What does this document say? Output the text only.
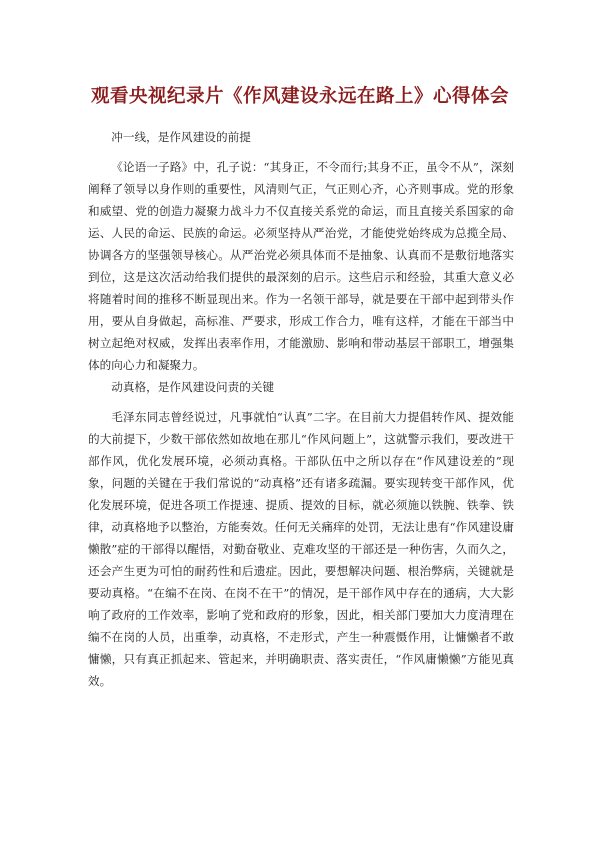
观看央视纪录片《作风建设永远在路上》心得体会

冲一线，是作风建设的前提

《论语一子路》中，孔子说：“其身正，不令而行;其身不正，虽令不从”，深刻阐释了领导以身作则的重要性，风清则气正，气正则心齐，心齐则事成。党的形象和威望、党的创造力凝聚力战斗力不仅直接关系党的命运，而且直接关系国家的命运、人民的命运、民族的命运。必须坚持从严治党，才能使党始终成为总揽全局、协调各方的坚强领导核心。从严治党必须具体而不是抽象、认真而不是敷衍地落实到位，这是这次活动给我们提供的最深刻的启示。这些启示和经验，其重大意义必将随着时间的推移不断显现出来。作为一名领干部导，就是要在干部中起到带头作用，要从自身做起，高标准、严要求，形成工作合力，唯有这样，才能在干部当中树立起绝对权威，发挥出表率作用，才能激励、影响和带动基层干部职工，增强集体的向心力和凝聚力。

动真格，是作风建设问责的关键

毛泽东同志曾经说过，凡事就怕“认真”二字。在目前大力提倡转作风、提效能的大前提下，少数干部依然如故地在那儿“作风问题上”，这就警示我们，要改进干部作风，优化发展环境，必须动真格。干部队伍中之所以存在“作风建设差的”现象，问题的关键在于我们常说的“动真格”还有诸多疏漏。要实现转变干部作风，优化发展环境，促进各项工作提速、提质、提效的目标，就必须施以铁腕、铁拳、铁律，动真格地予以整治，方能奏效。任何无关痛痒的处罚，无法让患有“作风建设庸懒散”症的干部得以醒悟，对勤奋敬业、克难攻坚的干部还是一种伤害，久而久之，还会产生更为可怕的耐药性和后遗症。因此，要想解决问题、根治弊病，关键就是要动真格。“在编不在岗、在岗不在干”的情况，是干部作风中存在的通病，大大影响了政府的工作效率，影响了党和政府的形象，因此，相关部门要加大力度清理在编不在岗的人员，出重拳，动真格，不走形式，产生一种震慑作用，让慵懒者不敢慵懒，只有真正抓起来、管起来，并明确职责、落实责任，“作风庸懒懒”方能见真效。
